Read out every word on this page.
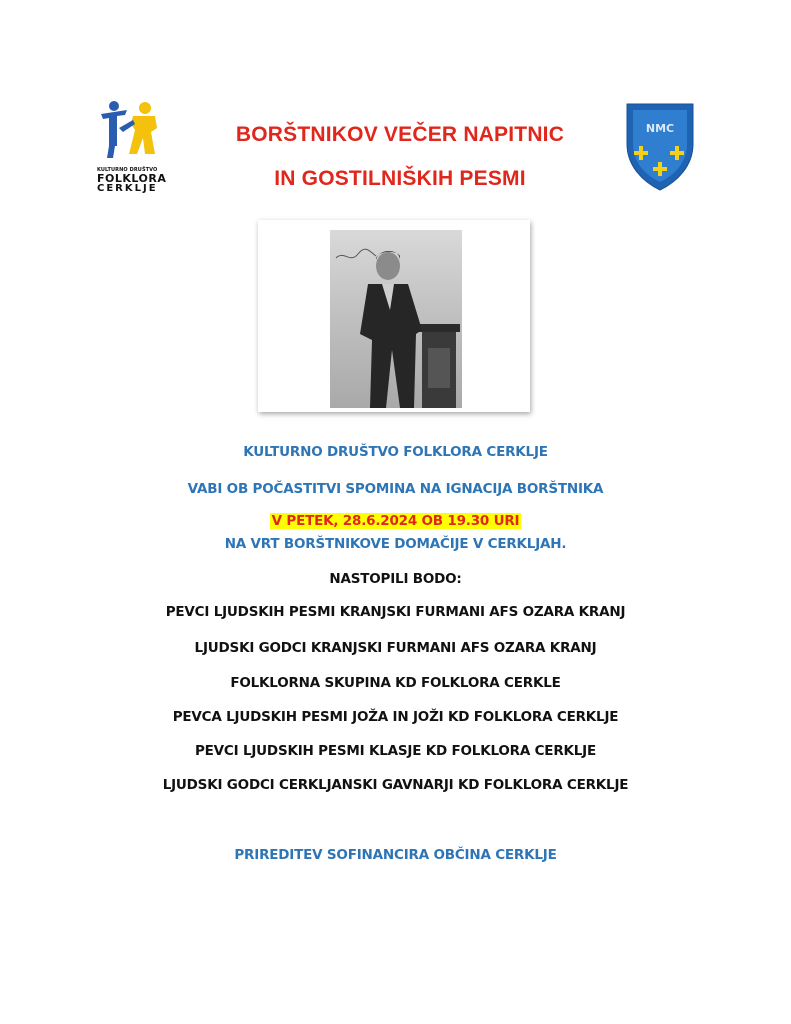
KULTURNO DRUŠTVO
FOLKLORA
CERKLJE
BORŠTNIKOV VEČER NAPITNIC
IN GOSTILNIŠKIH PESMI
NMC
KULTURNO DRUŠTVO FOLKLORA CERKLJE
VABI OB POČASTITVI SPOMINA NA IGNACIJA BORŠTNIKA
V PETEK, 28.6.2024 OB 19.30 URI
NA VRT BORŠTNIKOVE DOMAČIJE V CERKLJAH.
NASTOPILI BODO:
PEVCI LJUDSKIH PESMI KRANJSKI FURMANI AFS OZARA KRANJ
LJUDSKI GODCI KRANJSKI FURMANI AFS OZARA KRANJ
FOLKLORNA SKUPINA KD FOLKLORA CERKLE
PEVCA LJUDSKIH PESMI JOŽA IN JOŽI KD FOLKLORA CERKLJE
PEVCI LJUDSKIH PESMI KLASJE KD FOLKLORA CERKLJE
LJUDSKI GODCI CERKLJANSKI GAVNARJI KD FOLKLORA CERKLJE
PRIREDITEV SOFINANCIRA OBČINA CERKLJE
